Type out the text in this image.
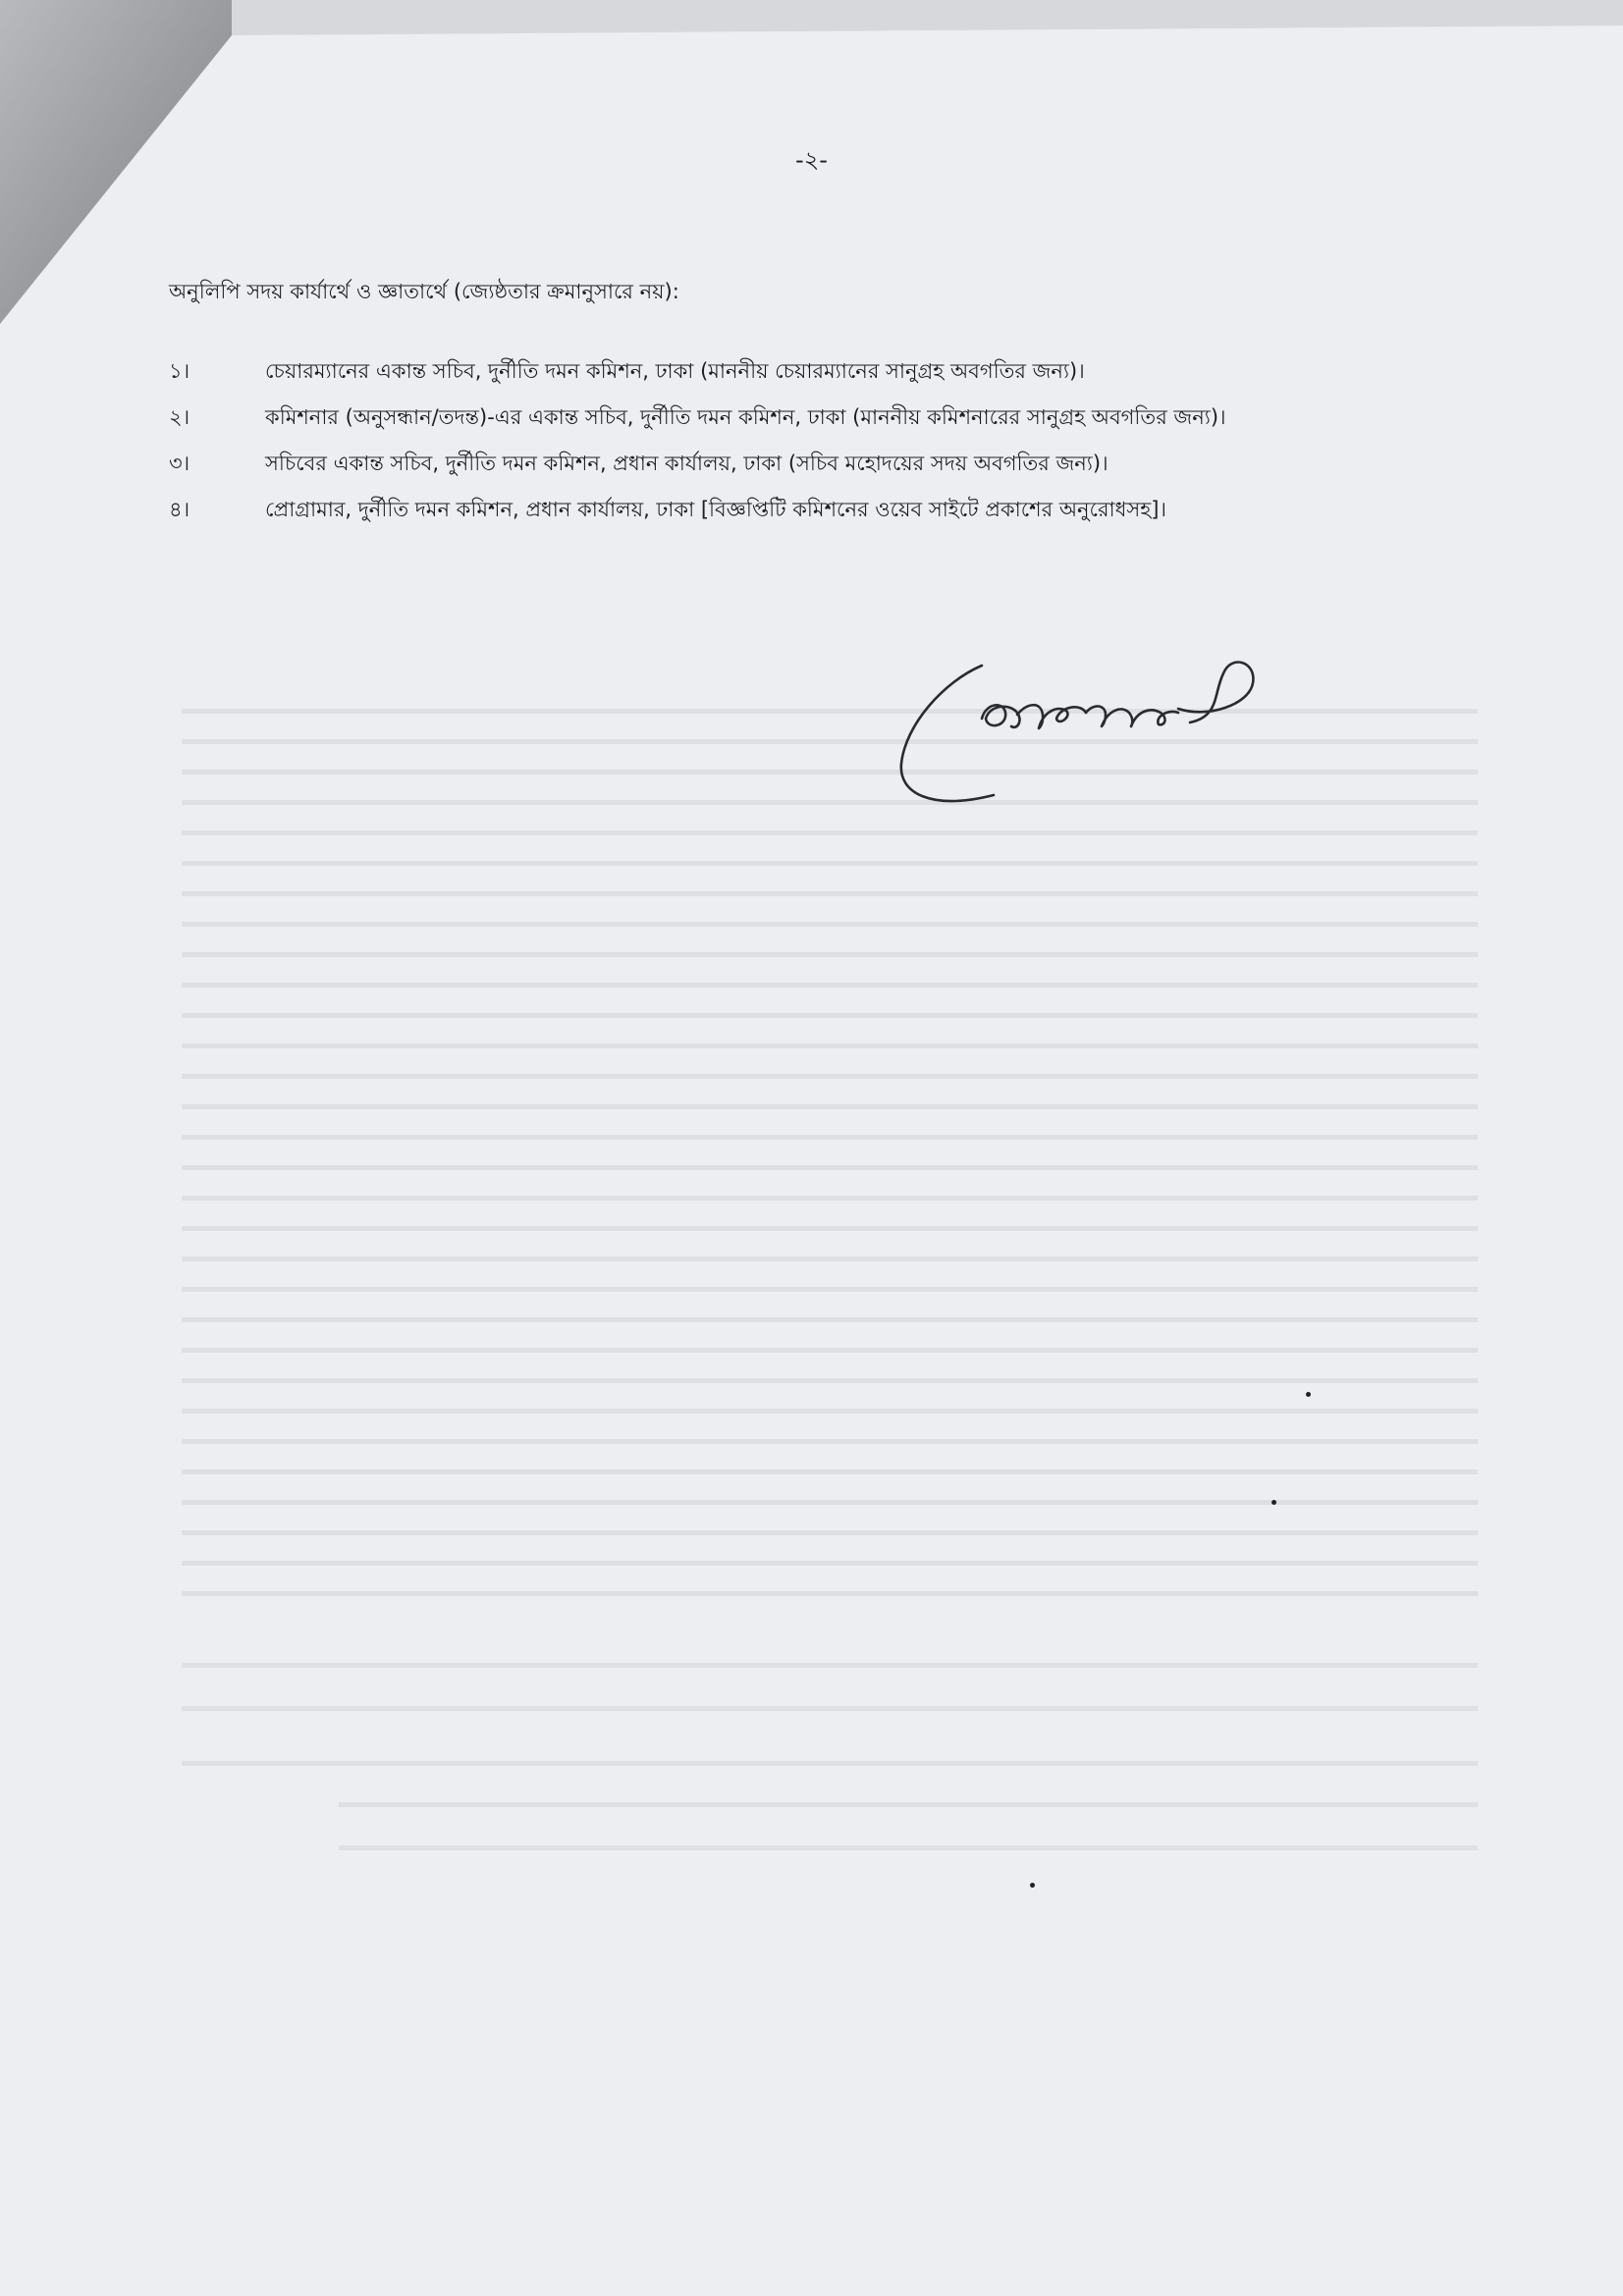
-২-

অনুলিপি সদয় কার্যার্থে ও জ্ঞাতার্থে (জ্যেষ্ঠতার ক্রমানুসারে নয়):

১।	চেয়ারম্যানের একান্ত সচিব, দুর্নীতি দমন কমিশন, ঢাকা (মাননীয় চেয়ারম্যানের সানুগ্রহ অবগতির জন্য)।
২।	কমিশনার (অনুসন্ধান/তদন্ত)-এর একান্ত সচিব, দুর্নীতি দমন কমিশন, ঢাকা (মাননীয় কমিশনারের সানুগ্রহ অবগতির জন্য)।
৩।	সচিবের একান্ত সচিব, দুর্নীতি দমন কমিশন, প্রধান কার্যালয়, ঢাকা (সচিব মহোদয়ের সদয় অবগতির জন্য)।
৪।	প্রোগ্রামার, দুর্নীতি দমন কমিশন, প্রধান কার্যালয়, ঢাকা [বিজ্ঞপ্তিটি কমিশনের ওয়েব সাইটে প্রকাশের অনুরোধসহ]।
